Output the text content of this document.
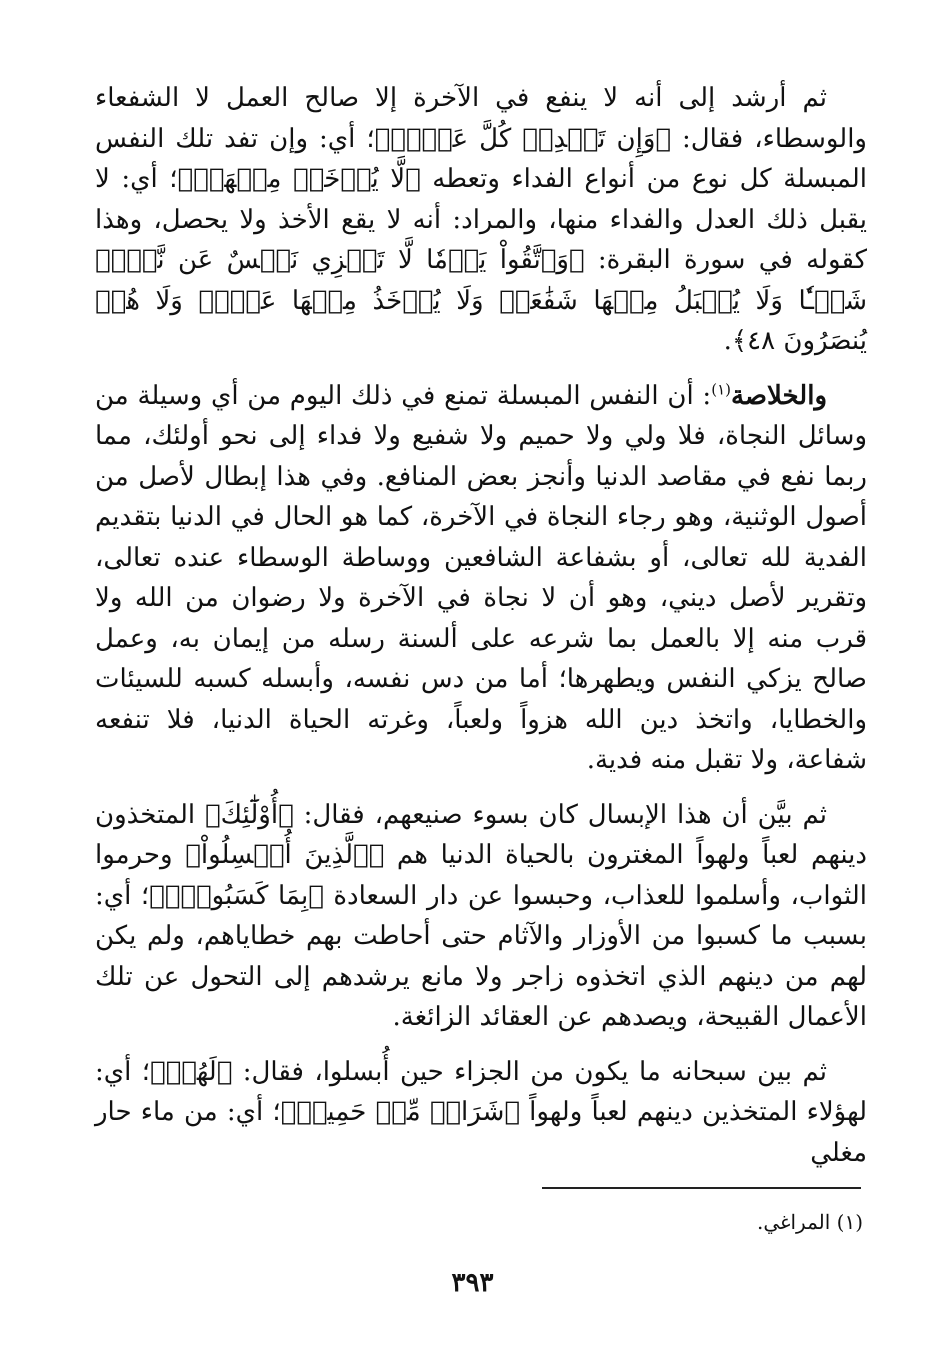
ثم أرشد إلى أنه لا ينفع في الآخرة إلا صالح العمل لا الشفعاء والوسطاء، فقال: ﴿وَإِن تَعۡدِلۡ كُلَّ عَدۡلٖ﴾؛ أي: وإن تفد تلك النفس المبسلة كل نوع من أنواع الفداء وتعطه ﴿لَّا يُؤۡخَذۡ مِنۡهَآۗ﴾؛ أي: لا يقبل ذلك العدل والفداء منها، والمراد: أنه لا يقع الأخذ ولا يحصل، وهذا كقوله في سورة البقرة: ﴿وَٱتَّقُواْ يَوۡمٗا لَّا تَجۡزِي نَفۡسٌ عَن نَّفۡسٖ شَيۡـٔٗا وَلَا يُقۡبَلُ مِنۡهَا شَفَٰعَةٞ وَلَا يُؤۡخَذُ مِنۡهَا عَدۡلٞ وَلَا هُمۡ يُنصَرُونَ ٤٨﴾.

والخلاصة$^{(١)}$: أن النفس المبسلة تمنع في ذلك اليوم من أي وسيلة من وسائل النجاة، فلا ولي ولا حميم ولا شفيع ولا فداء إلى نحو أولئك، مما ربما نفع في مقاصد الدنيا وأنجز بعض المنافع. وفي هذا إبطال لأصل من أصول الوثنية، وهو رجاء النجاة في الآخرة، كما هو الحال في الدنيا بتقديم الفدية لله تعالى، أو بشفاعة الشافعين ووساطة الوسطاء عنده تعالى، وتقرير لأصل ديني، وهو أن لا نجاة في الآخرة ولا رضوان من الله ولا قرب منه إلا بالعمل بما شرعه على ألسنة رسله من إيمان به، وعمل صالح يزكي النفس ويطهرها؛ أما من دس نفسه، وأبسله كسبه للسيئات والخطايا، واتخذ دين الله هزواً ولعباً، وغرته الحياة الدنيا، فلا تنفعه شفاعة، ولا تقبل منه فدية.

ثم بيَّن أن هذا الإبسال كان بسوء صنيعهم، فقال: ﴿أُوْلَٰٓئِكَ﴾ المتخذون دينهم لعباً ولهواً المغترون بالحياة الدنيا هم ﴿ٱلَّذِينَ أُبۡسِلُواْ﴾ وحرموا الثواب، وأسلموا للعذاب، وحبسوا عن دار السعادة ﴿بِمَا كَسَبُواْۖ﴾؛ أي: بسبب ما كسبوا من الأوزار والآثام حتى أحاطت بهم خطاياهم، ولم يكن لهم من دينهم الذي اتخذوه زاجر ولا مانع يرشدهم إلى التحول عن تلك الأعمال القبيحة، ويصدهم عن العقائد الزائغة.

ثم بين سبحانه ما يكون من الجزاء حين أُبسلوا، فقال: ﴿لَهُمۡ﴾؛ أي: لهؤلاء المتخذين دينهم لعباً ولهواً ﴿شَرَابٞ مِّنۡ حَمِيمٖ﴾؛ أي: من ماء حار مغلي

(١) المراغي.
٣٩٣
